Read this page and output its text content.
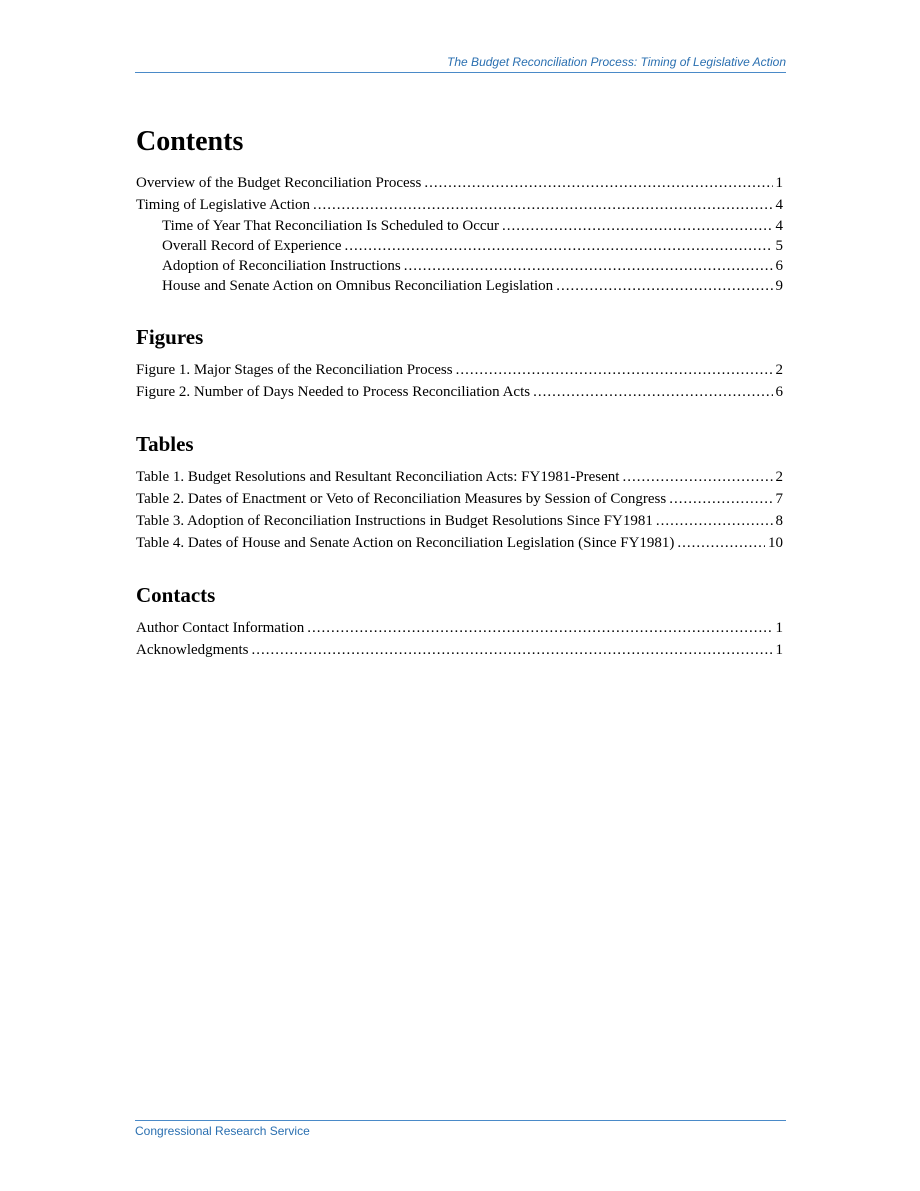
The Budget Reconciliation Process: Timing of Legislative Action
Contents
Overview of the Budget Reconciliation Process .....	1
Timing of Legislative Action .....	4
Time of Year That Reconciliation Is Scheduled to Occur .....	4
Overall Record of Experience .....	5
Adoption of Reconciliation Instructions .....	6
House and Senate Action on Omnibus Reconciliation Legislation .....	9
Figures
Figure 1. Major Stages of the Reconciliation Process .....	2
Figure 2. Number of Days Needed to Process Reconciliation Acts .....	6
Tables
Table 1. Budget Resolutions and Resultant Reconciliation Acts: FY1981-Present .....	2
Table 2. Dates of Enactment or Veto of Reconciliation Measures by Session of Congress .....	7
Table 3. Adoption of Reconciliation Instructions in Budget Resolutions Since FY1981 .....	8
Table 4. Dates of House and Senate Action on Reconciliation Legislation (Since FY1981) .....	10
Contacts
Author Contact Information .....	1
Acknowledgments .....	1
Congressional Research Service
